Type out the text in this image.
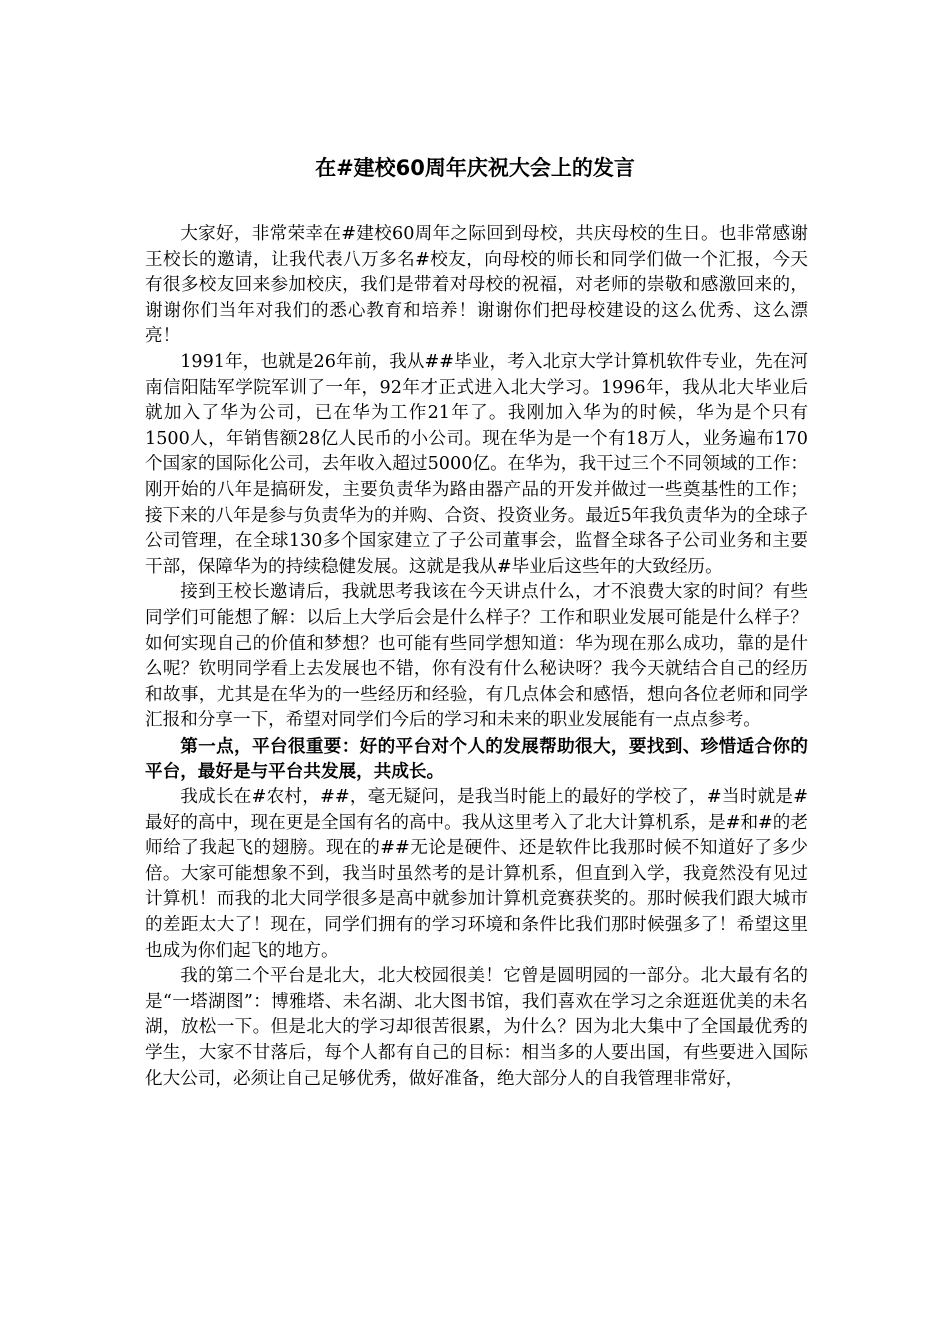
在#建校60周年庆祝大会上的发言

大家好，非常荣幸在#建校60周年之际回到母校，共庆母校的生日。也非常感谢王校长的邀请，让我代表八万多名#校友，向母校的师长和同学们做一个汇报，今天有很多校友回来参加校庆，我们是带着对母校的祝福，对老师的崇敬和感激回来的，谢谢你们当年对我们的悉心教育和培养！谢谢你们把母校建设的这么优秀、这么漂亮！

1991年，也就是26年前，我从##毕业，考入北京大学计算机软件专业，先在河南信阳陆军学院军训了一年，92年才正式进入北大学习。1996年，我从北大毕业后就加入了华为公司，已在华为工作21年了。我刚加入华为的时候，华为是个只有1500人，年销售额28亿人民币的小公司。现在华为是一个有18万人，业务遍布170个国家的国际化公司，去年收入超过5000亿。在华为，我干过三个不同领域的工作：刚开始的八年是搞研发，主要负责华为路由器产品的开发并做过一些奠基性的工作；接下来的八年是参与负责华为的并购、合资、投资业务。最近5年我负责华为的全球子公司管理，在全球130多个国家建立了子公司董事会，监督全球各子公司业务和主要干部，保障华为的持续稳健发展。这就是我从#毕业后这些年的大致经历。

接到王校长邀请后，我就思考我该在今天讲点什么，才不浪费大家的时间？有些同学们可能想了解：以后上大学后会是什么样子？工作和职业发展可能是什么样子？如何实现自己的价值和梦想？也可能有些同学想知道：华为现在那么成功，靠的是什么呢？钦明同学看上去发展也不错，你有没有什么秘诀呀？我今天就结合自己的经历和故事，尤其是在华为的一些经历和经验，有几点体会和感悟，想向各位老师和同学汇报和分享一下，希望对同学们今后的学习和未来的职业发展能有一点点参考。

第一点，平台很重要：好的平台对个人的发展帮助很大，要找到、珍惜适合你的平台，最好是与平台共发展，共成长。

我成长在#农村，##，毫无疑问，是我当时能上的最好的学校了，#当时就是#最好的高中，现在更是全国有名的高中。我从这里考入了北大计算机系，是#和#的老师给了我起飞的翅膀。现在的##无论是硬件、还是软件比我那时候不知道好了多少倍。大家可能想象不到，我当时虽然考的是计算机系，但直到入学，我竟然没有见过计算机！而我的北大同学很多是高中就参加计算机竞赛获奖的。那时候我们跟大城市的差距太大了！现在，同学们拥有的学习环境和条件比我们那时候强多了！希望这里也成为你们起飞的地方。

我的第二个平台是北大，北大校园很美！它曾是圆明园的一部分。北大最有名的是“一塔湖图”：博雅塔、未名湖、北大图书馆，我们喜欢在学习之余逛逛优美的未名湖，放松一下。但是北大的学习却很苦很累，为什么？因为北大集中了全国最优秀的学生，大家不甘落后，每个人都有自己的目标：相当多的人要出国，有些要进入国际化大公司，必须让自己足够优秀，做好准备，绝大部分人的自我管理非常好，
